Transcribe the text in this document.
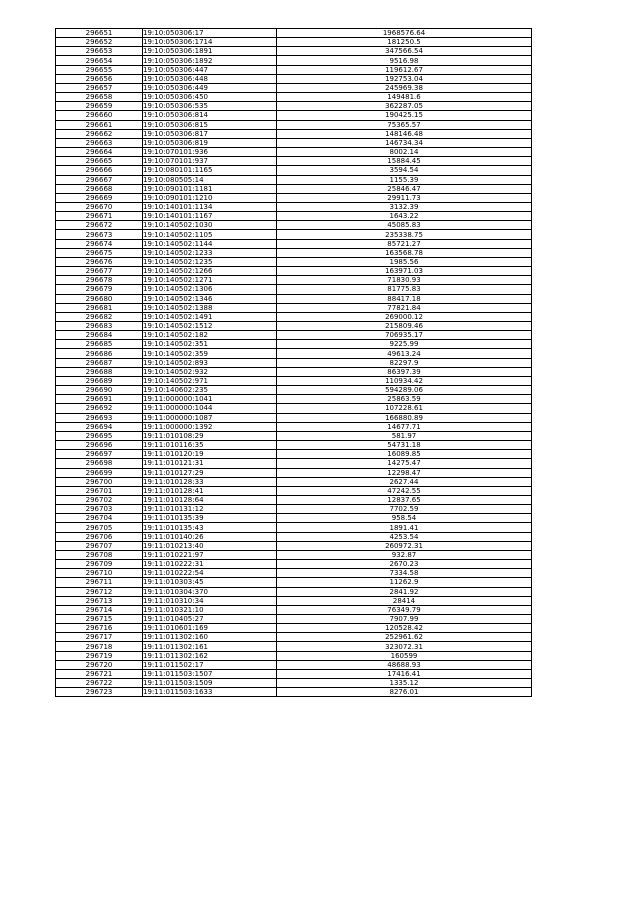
296651	19:10:050306:17	1968576.64
296652	19:10:050306:1714	181250.5
296653	19:10:050306:1891	347566.54
296654	19:10:050306:1892	9516.98
296655	19:10:050306:447	119612.67
296656	19:10:050306:448	192753.04
296657	19:10:050306:449	245969.38
296658	19:10:050306:450	149481.6
296659	19:10:050306:535	362287.05
296660	19:10:050306:814	190425.15
296661	19:10:050306:815	75365.57
296662	19:10:050306:817	148146.48
296663	19:10:050306:819	146734.34
296664	19:10:070101:936	8002.14
296665	19:10:070101:937	15884.45
296666	19:10:080101:1165	3594.54
296667	19:10:080505:14	1155.39
296668	19:10:090101:1181	25846.47
296669	19:10:090101:1210	29911.73
296670	19:10:140101:1134	3132.39
296671	19:10:140101:1167	1643.22
296672	19:10:140502:1030	45085.83
296673	19:10:140502:1105	235338.75
296674	19:10:140502:1144	85721.27
296675	19:10:140502:1233	163568.78
296676	19:10:140502:1235	1985.56
296677	19:10:140502:1266	163971.03
296678	19:10:140502:1271	71830.93
296679	19:10:140502:1306	81775.83
296680	19:10:140502:1346	88417.18
296681	19:10:140502:1388	77821.84
296682	19:10:140502:1491	269000.12
296683	19:10:140502:1512	215809.46
296684	19:10:140502:182	706935.17
296685	19:10:140502:351	9225.99
296686	19:10:140502:359	49613.24
296687	19:10:140502:893	82297.9
296688	19:10:140502:932	86397.39
296689	19:10:140502:971	110934.42
296690	19:10:140602:235	594289.06
296691	19:11:000000:1041	25863.59
296692	19:11:000000:1044	107228.61
296693	19:11:000000:1087	166880.89
296694	19:11:000000:1392	14677.71
296695	19:11:010108:29	581.97
296696	19:11:010116:35	54731.18
296697	19:11:010120:19	16089.85
296698	19:11:010121:31	14275.47
296699	19:11:010127:29	12298.47
296700	19:11:010128:33	2627.44
296701	19:11:010128:41	47242.55
296702	19:11:010128:64	12837.65
296703	19:11:010131:12	7702.59
296704	19:11:010135:39	958.54
296705	19:11:010135:43	1891.41
296706	19:11:010140:26	4253.54
296707	19:11:010213:40	260972.31
296708	19:11:010221:97	932.87
296709	19:11:010222:31	2670.23
296710	19:11:010222:54	7334.58
296711	19:11:010303:45	11262.9
296712	19:11:010304:370	2841.92
296713	19:11:010310:34	28414
296714	19:11:010321:10	76349.79
296715	19:11:010405:27	7907.99
296716	19:11:010601:169	120528.42
296717	19:11:011302:160	252961.62
296718	19:11:011302:161	323072.31
296719	19:11:011302:162	160599
296720	19:11:011502:17	48688.93
296721	19:11:011503:1507	17416.41
296722	19:11:011503:1509	1335.12
296723	19:11:011503:1633	8276.01
